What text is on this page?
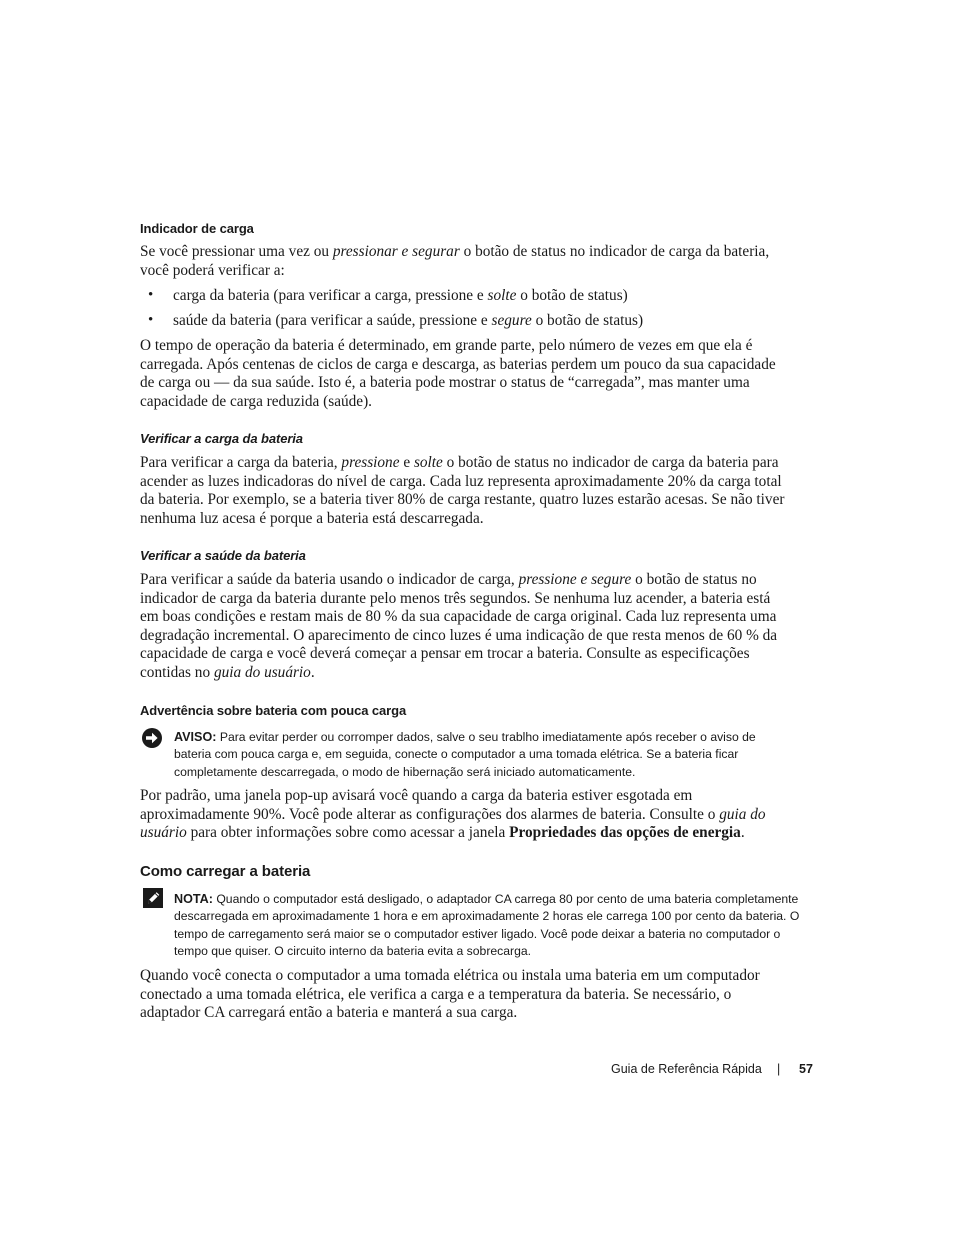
Indicador de carga
Se você pressionar uma vez ou pressionar e segurar o botão de status no indicador de carga da bateria,
você poderá verificar a:
• carga da bateria (para verificar a carga, pressione e solte o botão de status)
• saúde da bateria (para verificar a saúde, pressione e segure o botão de status)
O tempo de operação da bateria é determinado, em grande parte, pelo número de vezes em que ela é
carregada. Após centenas de ciclos de carga e descarga, as baterias perdem um pouco da sua capacidade
de carga ou — da sua saúde. Isto é, a bateria pode mostrar o status de “carregada”, mas manter uma
capacidade de carga reduzida (saúde).
Verificar a carga da bateria
Para verificar a carga da bateria, pressione e solte o botão de status no indicador de carga da bateria para
acender as luzes indicadoras do nível de carga. Cada luz representa aproximadamente 20% da carga total
da bateria. Por exemplo, se a bateria tiver 80% de carga restante, quatro luzes estarão acesas. Se não tiver
nenhuma luz acesa é porque a bateria está descarregada.
Verificar a saúde da bateria
Para verificar a saúde da bateria usando o indicador de carga, pressione e segure o botão de status no
indicador de carga da bateria durante pelo menos três segundos. Se nenhuma luz acender, a bateria está
em boas condições e restam mais de 80 % da sua capacidade de carga original. Cada luz representa uma
degradação incremental. O aparecimento de cinco luzes é uma indicação de que resta menos de 60 % da
capacidade de carga e você deverá começar a pensar em trocar a bateria. Consulte as especificações
contidas no guia do usuário.
Advertência sobre bateria com pouca carga
AVISO: Para evitar perder ou corromper dados, salve o seu trablho imediatamente após receber o aviso de
bateria com pouca carga e, em seguida, conecte o computador a uma tomada elétrica. Se a bateria ficar
completamente descarregada, o modo de hibernação será iniciado automaticamente.
Por padrão, uma janela pop-up avisará você quando a carga da bateria estiver esgotada em
aproximadamente 90%. Você pode alterar as configurações dos alarmes de bateria. Consulte o guia do
usuário para obter informações sobre como acessar a janela Propriedades das opções de energia.
Como carregar a bateria
NOTA: Quando o computador está desligado, o adaptador CA carrega 80 por cento de uma bateria completamente
descarregada em aproximadamente 1 hora e em aproximadamente 2 horas ele carrega 100 por cento da bateria. O
tempo de carregamento será maior se o computador estiver ligado. Você pode deixar a bateria no computador o
tempo que quiser. O circuito interno da bateria evita a sobrecarga.
Quando você conecta o computador a uma tomada elétrica ou instala uma bateria em um computador
conectado a uma tomada elétrica, ele verifica a carga e a temperatura da bateria. Se necessário, o
adaptador CA carregará então a bateria e manterá a sua carga.
Guia de Referência Rápida | 57
